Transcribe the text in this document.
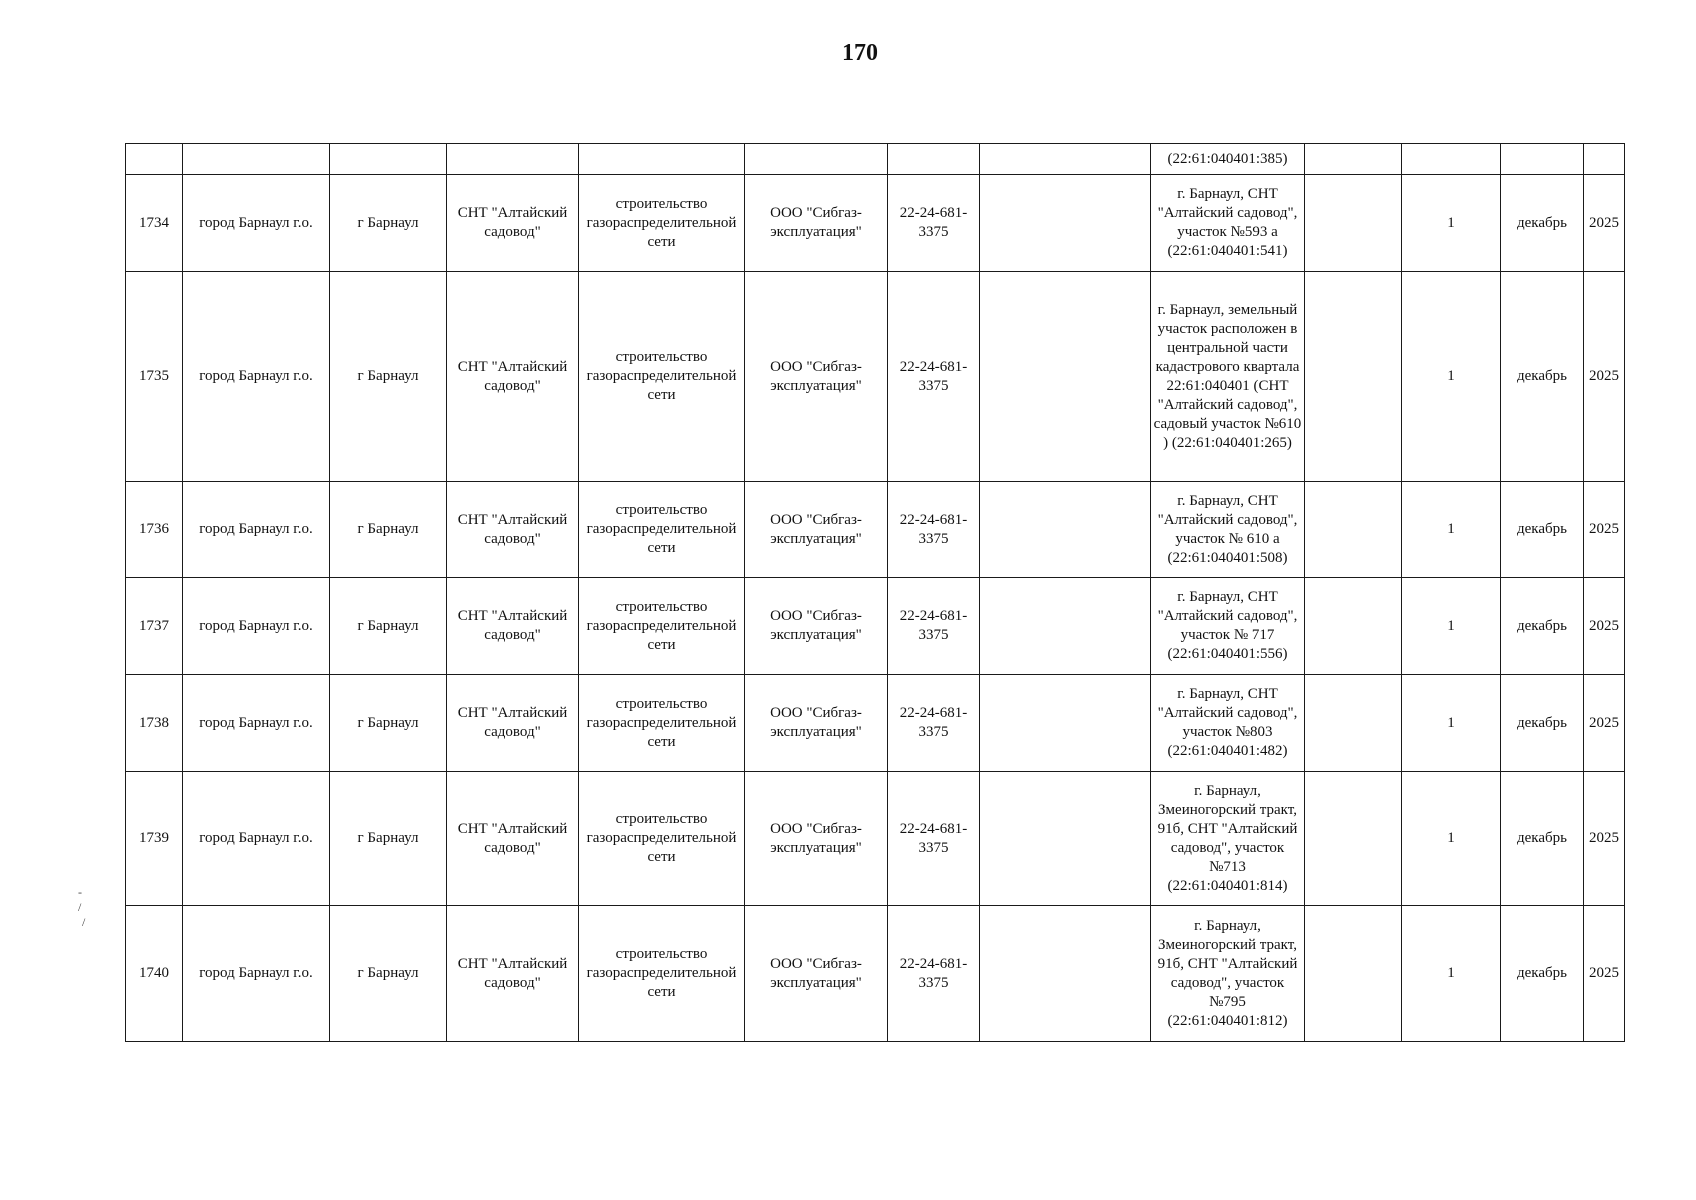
170
								(22:61:040401:385)				
1734	город Барнаул г.о.	г Барнаул	СНТ "Алтайский садовод"	строительство газораспределительной сети	ООО "Сибгаз-эксплуатация"	22-24-681-3375		г. Барнаул, СНТ "Алтайский садовод", участок №593 а (22:61:040401:541)		1	декабрь	2025
1735	город Барнаул г.о.	г Барнаул	СНТ "Алтайский садовод"	строительство газораспределительной сети	ООО "Сибгаз-эксплуатация"	22-24-681-3375		г. Барнаул, земельный участок расположен в центральной части кадастрового квартала 22:61:040401 (СНТ "Алтайский садовод", садовый участок №610 ) (22:61:040401:265)		1	декабрь	2025
1736	город Барнаул г.о.	г Барнаул	СНТ "Алтайский садовод"	строительство газораспределительной сети	ООО "Сибгаз-эксплуатация"	22-24-681-3375		г. Барнаул, СНТ "Алтайский садовод", участок № 610 а (22:61:040401:508)		1	декабрь	2025
1737	город Барнаул г.о.	г Барнаул	СНТ "Алтайский садовод"	строительство газораспределительной сети	ООО "Сибгаз-эксплуатация"	22-24-681-3375		г. Барнаул, СНТ "Алтайский садовод", участок № 717 (22:61:040401:556)		1	декабрь	2025
1738	город Барнаул г.о.	г Барнаул	СНТ "Алтайский садовод"	строительство газораспределительной сети	ООО "Сибгаз-эксплуатация"	22-24-681-3375		г. Барнаул, СНТ "Алтайский садовод", участок №803 (22:61:040401:482)		1	декабрь	2025
1739	город Барнаул г.о.	г Барнаул	СНТ "Алтайский садовод"	строительство газораспределительной сети	ООО "Сибгаз-эксплуатация"	22-24-681-3375		г. Барнаул, Змеиногорский тракт, 91б, СНТ "Алтайский садовод", участок №713 (22:61:040401:814)		1	декабрь	2025
1740	город Барнаул г.о.	г Барнаул	СНТ "Алтайский садовод"	строительство газораспределительной сети	ООО "Сибгаз-эксплуатация"	22-24-681-3375		г. Барнаул, Змеиногорский тракт, 91б, СНТ "Алтайский садовод", участок №795 (22:61:040401:812)		1	декабрь	2025
-
/
/
